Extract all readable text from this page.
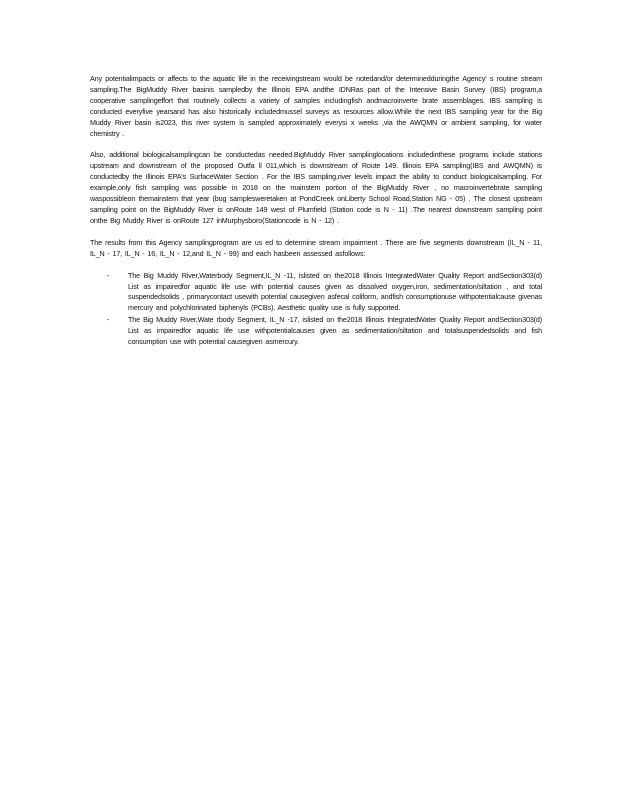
Any potentialimpacts or affects to the aquatic life in the receivingstream would be notedand/or determinedduringthe Agency' s routine stream sampling.The BigMuddy River basinis sampledby the Illinois EPA andthe IDNRas part of the Intensive Basin Survey (IBS) program,a cooperative samplingeffort that routinely collects a variety of samples includingfish andmacroinverte brate assemblages. IBS sampling is conducted everyfive yearsand has also historically includedmussel surveys as resources allow.While the next IBS sampling year for the Big Muddy River basin is2023, this river system is sampled approximately everysi x weeks ,via the AWQMN or ambient sampling, for water chemistry .

Also, additional biologicalsamplingcan be conductedas needed.BigMuddy River samplinglocations includedinthese programs include stations upstream and downstream of the proposed Outfa ll 011,which is downstream of Route 149. Illinois EPA sampling(IBS and AWQMN) is conductedby the Illinois EPA's SurfaceWater Section . For the IBS sampling,river levels impact the ability to conduct biologicalsampling. For example,only fish sampling was possible in 2018 on the mainstem portion of the BigMuddy River , no macroinvertebrate sampling waspossibleon themainstem that year (bug samplesweretaken at PondCreek onLiberty School Road,Station NG - 05) . The closest upstream sampling point on the BigMuddy River is onRoute 149 west of Plumfield (Station code is N - 11) .The nearest downstream sampling point onthe Big Muddy River is onRoute 127 inMurphysboro(Stationcode is N - 12) .

The results from this Agency samplingprogram are us ed to determine stream impairment . There are five segments downstream (IL_N - 11, IL_N - 17, IL_N - 16, IL_N - 12,and IL_N - 99) and each hasbeen assessed asfollows:

-	The Big Muddy River,Waterbody Segment,IL_N -11, islisted on the2018 Illinois IntegratedWater Quality Report andSection303(d) List as impairedfor aquatic life use with potential causes given as dissolved oxygen,iron, sedimentation/siltation , and total suspendedsolids , primarycontact usewith potential causegiven asfecal coliform, andfish consumptionuse withpotentialcause givenas mercury and polychlorinated biphenyls (PCBs). Aesthetic quality use is fully supported.
-	The Big Muddy River,Wate rbody Segment, IL_N -17, islisted on the2018 Illinois IntegratedWater Quality Report andSection303(d) List as impairedfor aquatic life use withpotentialcauses given as sedimentation/siltation and totalsuspendedsolids and fish consumption use with potential causegiven asmercury.
